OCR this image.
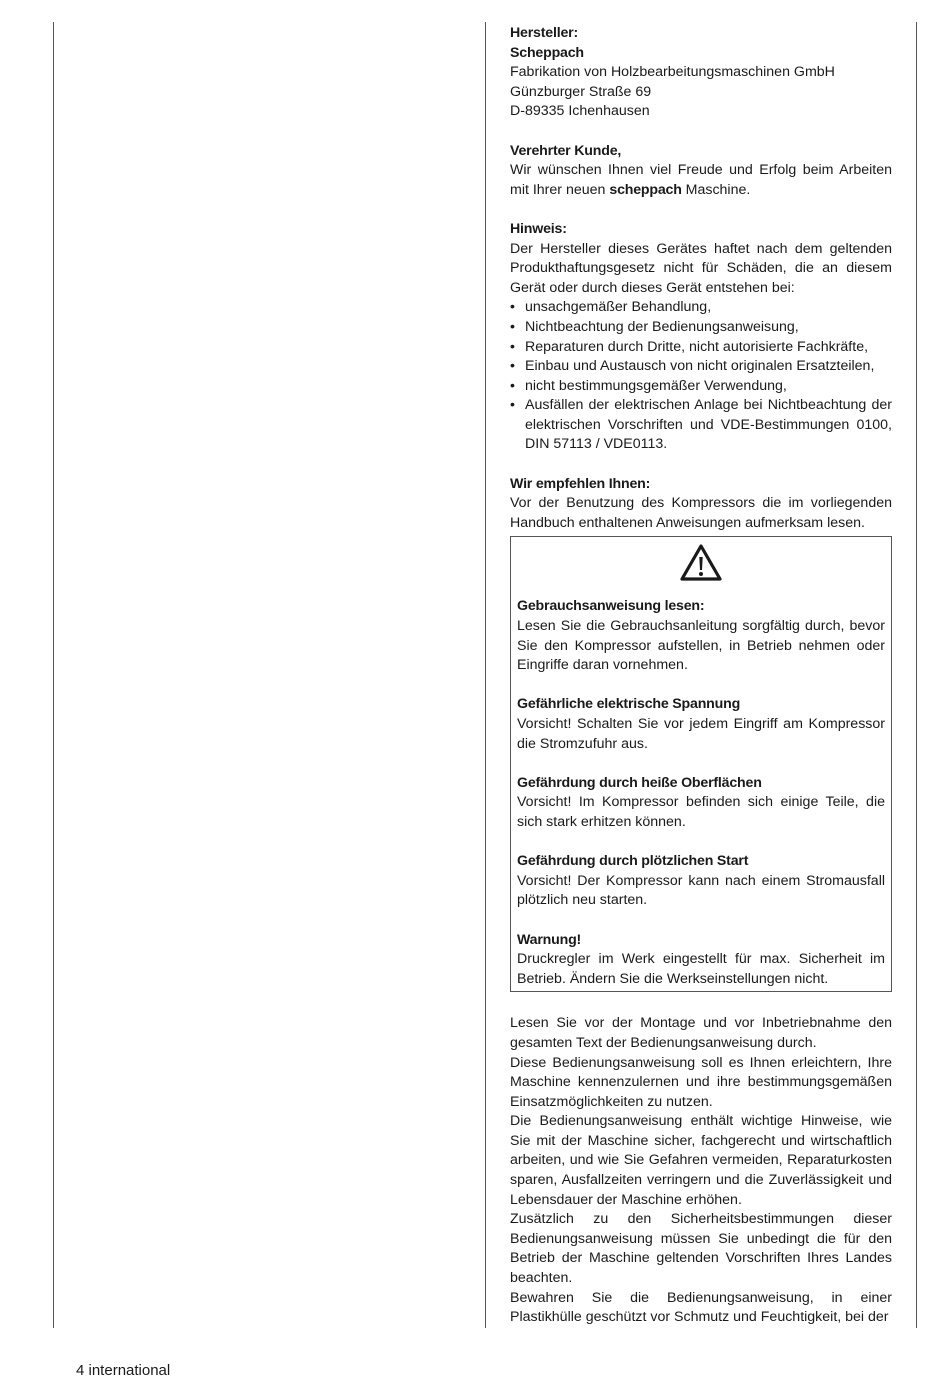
Hersteller:

Scheppach

Fabrikation von Holzbearbeitungsmaschinen GmbH

Günzburger Straße 69

D-89335 Ichenhausen

Verehrter Kunde,

Wir wünschen Ihnen viel Freude und Erfolg beim Arbeiten mit Ihrer neuen scheppach Maschine.

Hinweis:

Der Hersteller dieses Gerätes haftet nach dem geltenden Produkthaftungsgesetz nicht für Schäden, die an diesem Gerät oder durch dieses Gerät entstehen bei:

• unsachgemäßer Behandlung,
• Nichtbeachtung der Bedienungsanweisung,
• Reparaturen durch Dritte, nicht autorisierte Fachkräfte,
• Einbau und Austausch von nicht originalen Ersatzteilen,
• nicht bestimmungsgemäßer Verwendung,
• Ausfällen der elektrischen Anlage bei Nichtbeachtung der elektrischen Vorschriften und VDE-Bestimmungen 0100, DIN 57113 / VDE0113.

Wir empfehlen Ihnen:

Vor der Benutzung des Kompressors die im vorliegenden Handbuch enthaltenen Anweisungen aufmerksam lesen.

Gebrauchsanweisung lesen:

Lesen Sie die Gebrauchsanleitung sorgfältig durch, bevor Sie den Kompressor aufstellen, in Betrieb nehmen oder Eingriffe daran vornehmen.

Gefährliche elektrische Spannung

Vorsicht! Schalten Sie vor jedem Eingriff am Kompressor die Stromzufuhr aus.

Gefährdung durch heiße Oberflächen

Vorsicht! Im Kompressor befinden sich einige Teile, die sich stark erhitzen können.

Gefährdung durch plötzlichen Start

Vorsicht! Der Kompressor kann nach einem Stromausfall plötzlich neu starten.

Warnung!

Druckregler im Werk eingestellt für max. Sicherheit im Betrieb. Ändern Sie die Werkseinstellungen nicht.

Lesen Sie vor der Montage und vor Inbetriebnahme den gesamten Text der Bedienungsanweisung durch.

Diese Bedienungsanweisung soll es Ihnen erleichtern, Ihre Maschine kennenzulernen und ihre bestimmungsgemäßen Einsatzmöglichkeiten zu nutzen.

Die Bedienungsanweisung enthält wichtige Hinweise, wie Sie mit der Maschine sicher, fachgerecht und wirtschaftlich arbeiten, und wie Sie Gefahren vermeiden, Reparaturkosten sparen, Ausfallzeiten verringern und die Zuverlässigkeit und Lebensdauer der Maschine erhöhen.

Zusätzlich zu den Sicherheitsbestimmungen dieser Bedienungsanweisung müssen Sie unbedingt die für den Betrieb der Maschine geltenden Vorschriften Ihres Landes beachten.

Bewahren Sie die Bedienungsanweisung, in einer Plastikhülle geschützt vor Schmutz und Feuchtigkeit, bei der

4 international
